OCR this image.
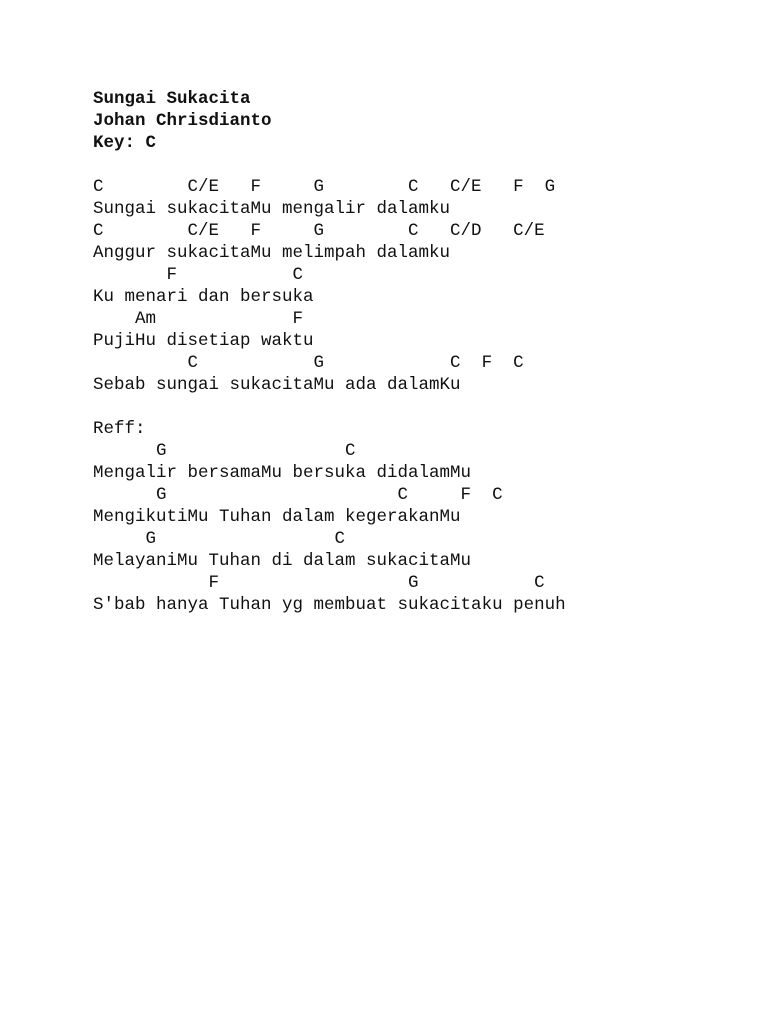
Sungai Sukacita
Johan Chrisdianto
Key: C
C        C/E   F     G        C   C/E   F  G
Sungai sukacitaMu mengalir dalamku
C        C/E   F     G        C   C/D   C/E
Anggur sukacitaMu melimpah dalamku
F           C
Ku menari dan bersuka
Am             F
PujiHu disetiap waktu
C           G            C  F  C
Sebab sungai sukacitaMu ada dalamKu
Reff:
G                 C
Mengalir bersamaMu bersuka didalamMu
G                      C     F  C
MengikutiMu Tuhan dalam kegerakanMu
G                 C
MelayaniMu Tuhan di dalam sukacitaMu
F                  G           C
S'bab hanya Tuhan yg membuat sukacitaku penuh
